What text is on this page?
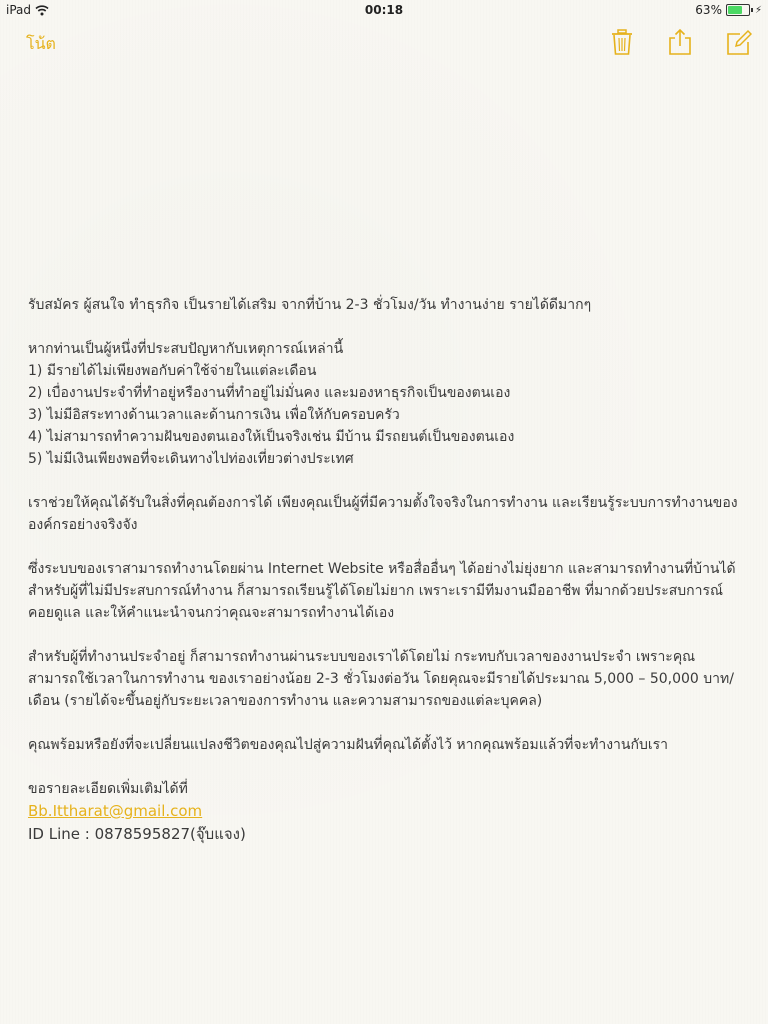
iPad	00:18	63%	⚡
โน้ต

รับสมัคร ผู้สนใจ ทำธุรกิจ เป็นรายได้เสริม จากที่บ้าน 2-3 ชั่วโมง/วัน ทำงานง่าย รายได้ดีมากๆ

หากท่านเป็นผู้หนึ่งที่ประสบปัญหากับเหตุการณ์เหล่านี้

1) มีรายได้ไม่เพียงพอกับค่าใช้จ่ายในแต่ละเดือน

2) เบื่องานประจำที่ทำอยู่หรืองานที่ทำอยู่ไม่มั่นคง และมองหาธุรกิจเป็นของตนเอง

3) ไม่มีอิสระทางด้านเวลาและด้านการเงิน เพื่อให้กับครอบครัว

4) ไม่สามารถทำความฝันของตนเองให้เป็นจริงเช่น มีบ้าน มีรถยนต์เป็นของตนเอง

5) ไม่มีเงินเพียงพอที่จะเดินทางไปท่องเที่ยวต่างประเทศ

เราช่วยให้คุณได้รับในสิ่งที่คุณต้องการได้ เพียงคุณเป็นผู้ที่มีความตั้งใจจริงในการทำงาน และเรียนรู้ระบบการทำงานขององค์กรอย่างจริงจัง

ซึ่งระบบของเราสามารถทำงานโดยผ่าน Internet Website หรือสื่ออื่นๆ ได้อย่างไม่ยุ่งยาก และสามารถทำงานที่บ้านได้ สำหรับผู้ที่ไม่มีประสบการณ์ทำงาน ก็สามารถเรียนรู้ได้โดยไม่ยาก เพราะเรามีทีมงานมืออาชีพ ที่มากด้วยประสบการณ์คอยดูแล และให้คำแนะนำจนกว่าคุณจะสามารถทำงานได้เอง

สำหรับผู้ที่ทำงานประจำอยู่ ก็สามารถทำงานผ่านระบบของเราได้โดยไม่ กระทบกับเวลาของงานประจำ เพราะคุณสามารถใช้เวลาในการทำงาน ของเราอย่างน้อย 2-3 ชั่วโมงต่อวัน โดยคุณจะมีรายได้ประมาณ 5,000 – 50,000 บาท/เดือน (รายได้จะขึ้นอยู่กับระยะเวลาของการทำงาน และความสามารถของแต่ละบุคคล)

คุณพร้อมหรือยังที่จะเปลี่ยนแปลงชีวิตของคุณไปสู่ความฝันที่คุณได้ตั้งไว้ หากคุณพร้อมแล้วที่จะทำงานกับเรา

ขอรายละเอียดเพิ่มเติมได้ที่

Bb.Ittharat@gmail.com

ID Line : 0878595827(จุ๊บแจง)
